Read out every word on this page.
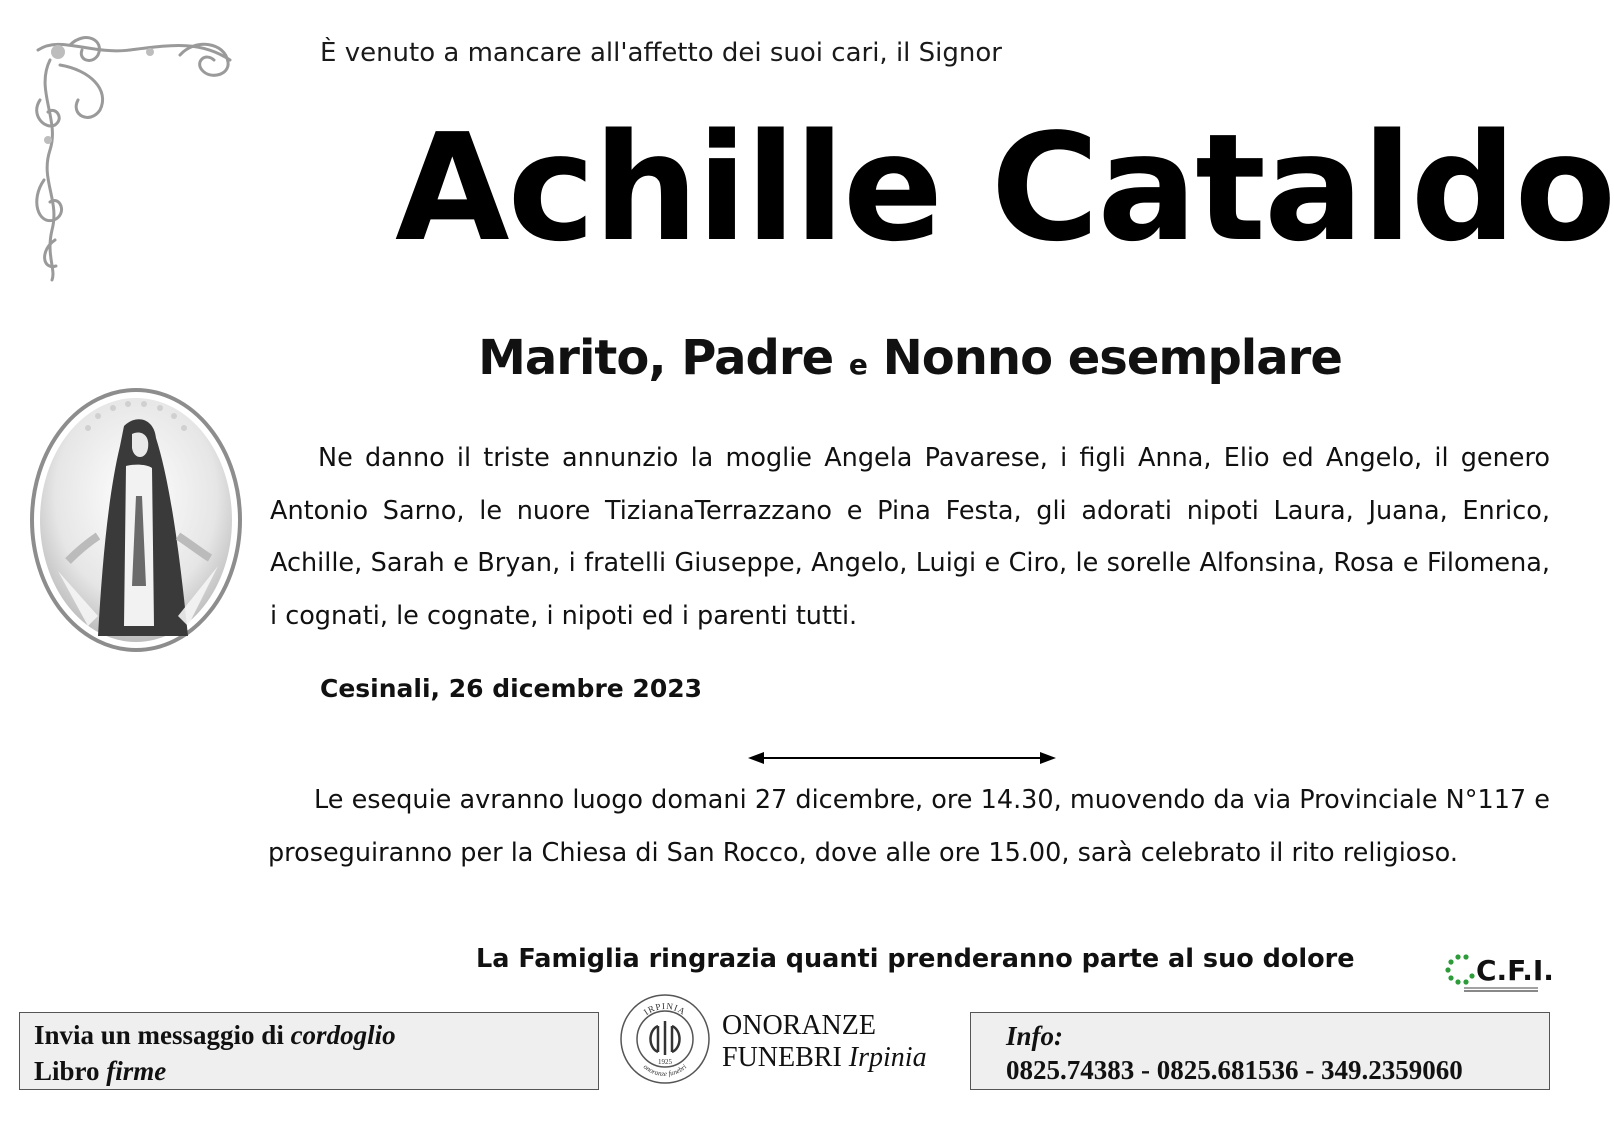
È venuto a mancare all'affetto dei suoi cari, il Signor
Achille Cataldo
Marito, Padre e Nonno esemplare
Ne danno il triste annunzio la moglie Angela Pavarese, i figli Anna, Elio ed Angelo, il genero Antonio Sarno, le nuore TizianaTerrazzano e Pina Festa, gli adorati nipoti Laura, Juana, Enrico, Achille, Sarah e Bryan, i fratelli Giuseppe, Angelo, Luigi e Ciro, le sorelle Alfonsina, Rosa e Filomena, i cognati, le cognate, i nipoti ed i parenti tutti.
Cesinali, 26 dicembre 2023
Le esequie avranno luogo domani 27 dicembre, ore 14.30, muovendo da via Provinciale N°117 e proseguiranno per la Chiesa di San Rocco, dove alle ore 15.00, sarà celebrato il rito religioso.
La Famiglia ringrazia quanti prenderanno parte al suo dolore	C.F.I.
Invia un messaggio di cordoglio
Libro firme
IRPINIA
onoranze funebri
1925
ONORANZE
FUNEBRI Irpinia
Info:
0825.74383 - 0825.681536 - 349.2359060
